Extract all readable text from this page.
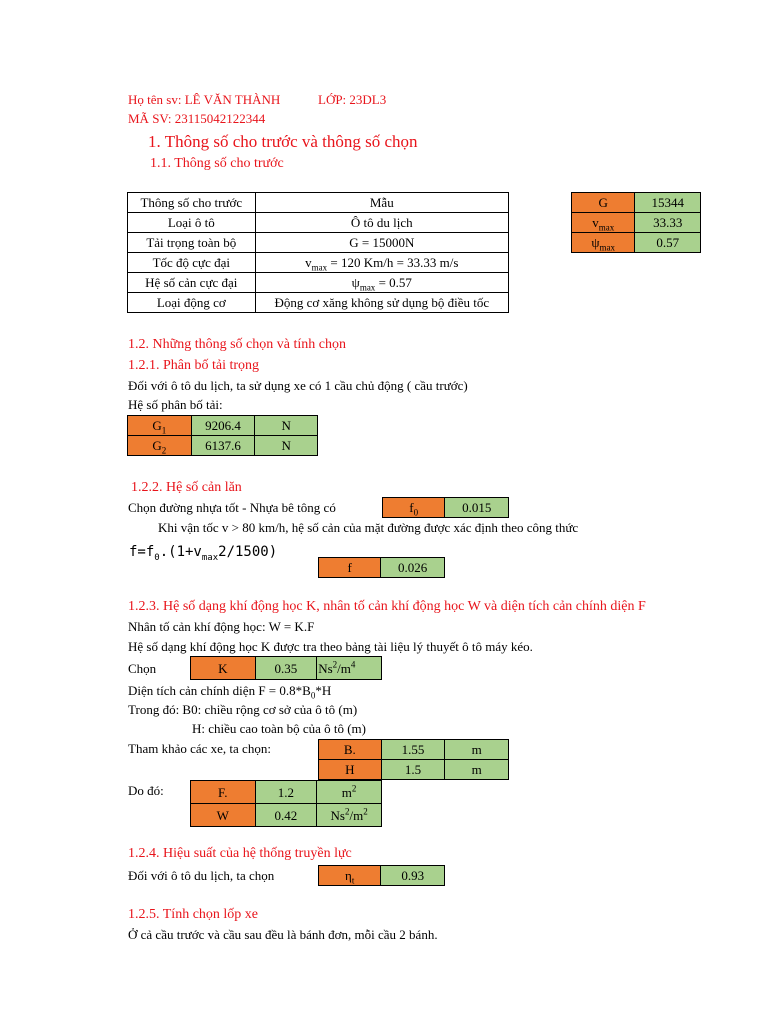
Họ tên sv: LÊ VĂN THÀNH	LỚP: 23DL3
MÃ SV: 23115042122344
1. Thông số cho trước và thông số chọn
1.1. Thông số cho trước
Thông số cho trước	Mẫu
Loại ô tô	Ô tô du lịch
Tải trọng toàn bộ	G = 15000N
Tốc độ cực đại	$v_{max} = 120$ Km/h = 33.33 m/s
Hệ số cản cực đại	$\psi_{max} = 0.57$
Loại động cơ	Động cơ xăng không sử dụng bộ điều tốc
G	15344
$v_{max}$	33.33
$\psi_{max}$	0.57
1.2. Những thông số chọn và tính chọn
1.2.1. Phân bố tải trọng
Đối với ô tô du lịch, ta sử dụng xe có 1 cầu chủ động ( cầu trước)
Hệ số phân bố tải:
$G_1$	9206.4	N
$G_2$	6137.6	N
1.2.2. Hệ số cản lăn
Chọn đường nhựa tốt - Nhựa bê tông có	$f_0$	0.015
Khi vận tốc v > 80 km/h, hệ số cản của mặt đường được xác định theo công thức
$f=f_0.(1+v_{max}2/1500)$
f	0.026
1.2.3. Hệ số dạng khí động học K, nhân tố cản khí động học W và diện tích cản chính diện F
Nhân tố cản khí động học: W = K.F
Hệ số dạng khí động học K được tra theo bảng tài liệu lý thuyết ô tô máy kéo.
Chọn	K	0.35	$Ns^2/m^4$
Diện tích cản chính diện $F = 0.8*B_0*H$
Trong đó: B0: chiều rộng cơ sở của ô tô (m)
H: chiều cao toàn bộ của ô tô (m)
Tham khảo các xe, ta chọn:	B.	1.55	m
H	1.5	m
Do đó:	F.	1.2	$m^2$
W	0.42	$Ns^2/m^2$
1.2.4. Hiệu suất của hệ thống truyền lực
Đối với ô tô du lịch, ta chọn	$\eta_t$	0.93
1.2.5. Tính chọn lốp xe
Ở cả cầu trước và cầu sau đều là bánh đơn, mỗi cầu 2 bánh.
